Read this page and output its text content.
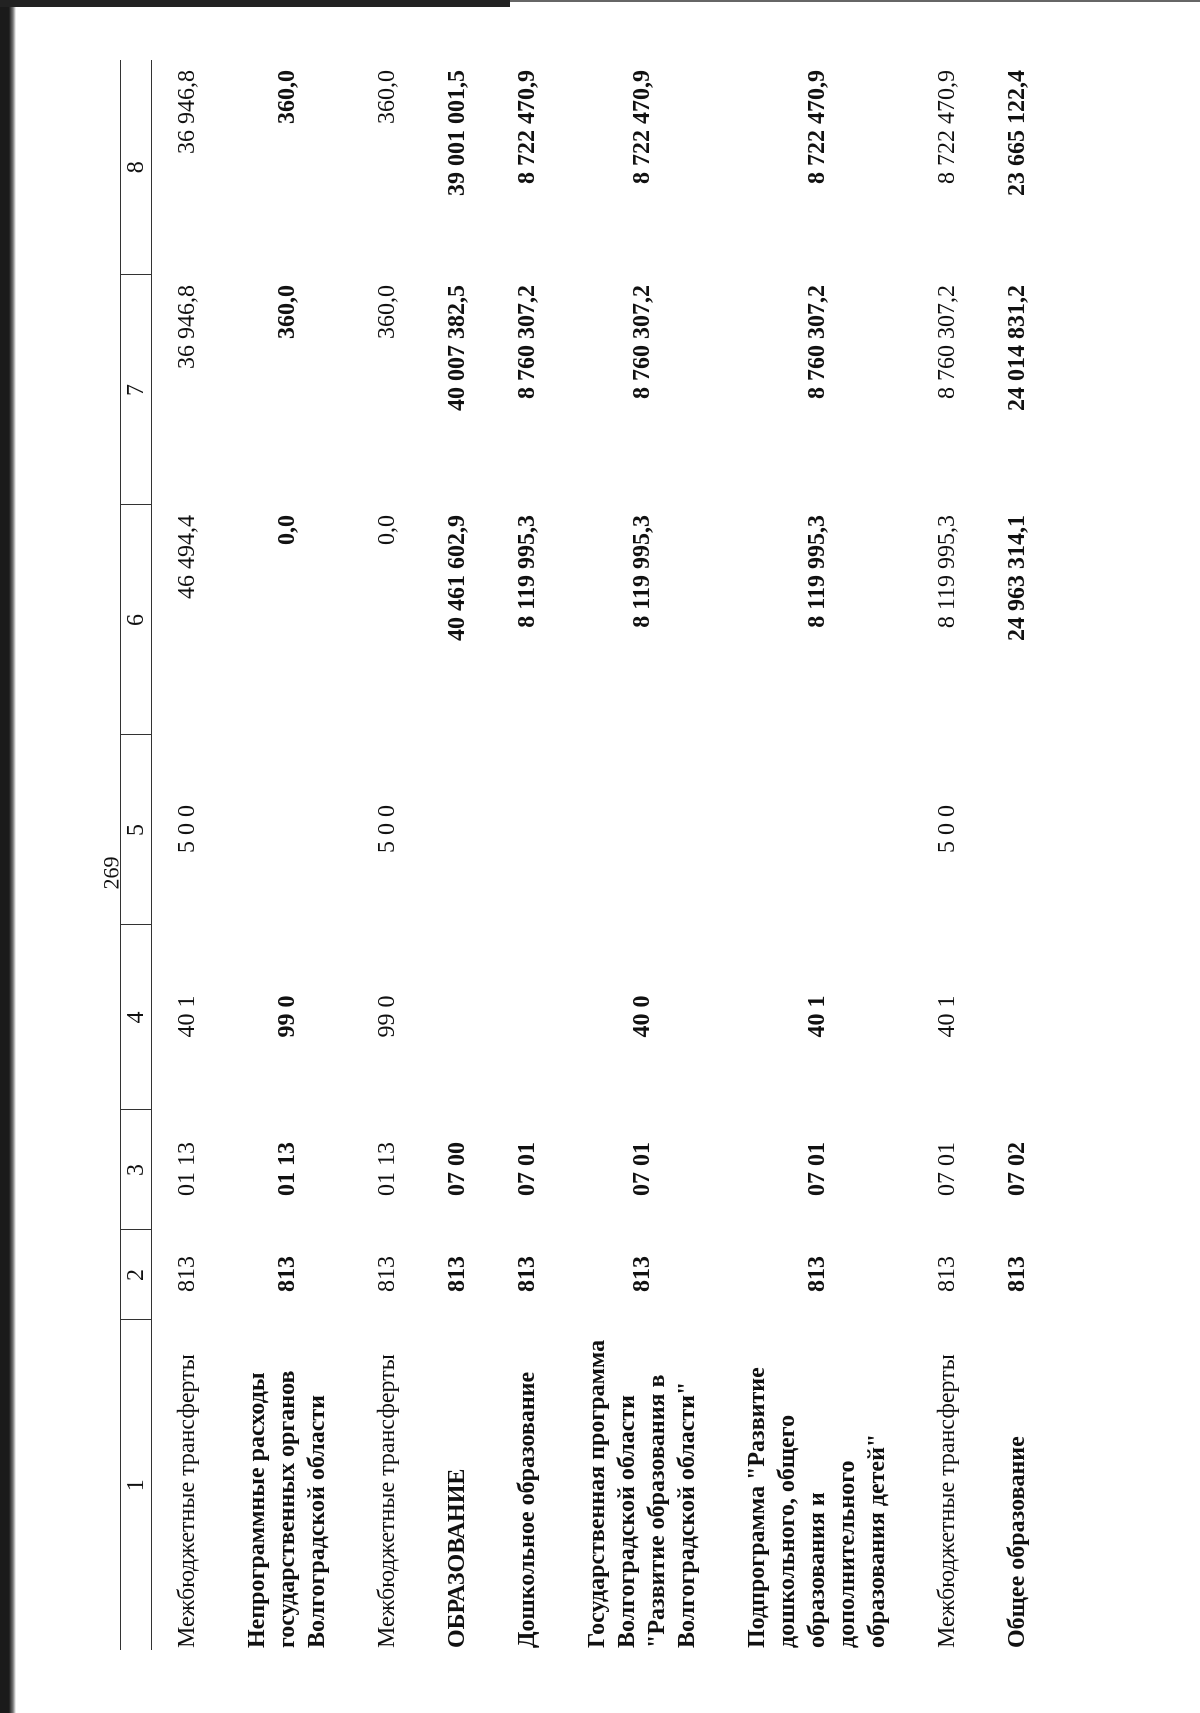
269
1	2	3	4	5	6	7	8
Межбюджетные трансферты	813	01 13	40 1	5 0 0	46 494,4	36 946,8	36 946,8
Непрограммные расходы государственных органов Волгоградской области	813	01 13	99 0		0,0	360,0	360,0
Межбюджетные трансферты	813	01 13	99 0	5 0 0	0,0	360,0	360,0
ОБРАЗОВАНИЕ	813	07 00			40 461 602,9	40 007 382,5	39 001 001,5
Дошкольное образование	813	07 01			8 119 995,3	8 760 307,2	8 722 470,9
Государственная программа Волгоградской области "Развитие образования в Волгоградской области"	813	07 01	40 0		8 119 995,3	8 760 307,2	8 722 470,9
Подпрограмма "Развитие дошкольного, общего образования и дополнительного образования детей"	813	07 01	40 1		8 119 995,3	8 760 307,2	8 722 470,9
Межбюджетные трансферты	813	07 01	40 1	5 0 0	8 119 995,3	8 760 307,2	8 722 470,9
Общее образование	813	07 02			24 963 314,1	24 014 831,2	23 665 122,4
